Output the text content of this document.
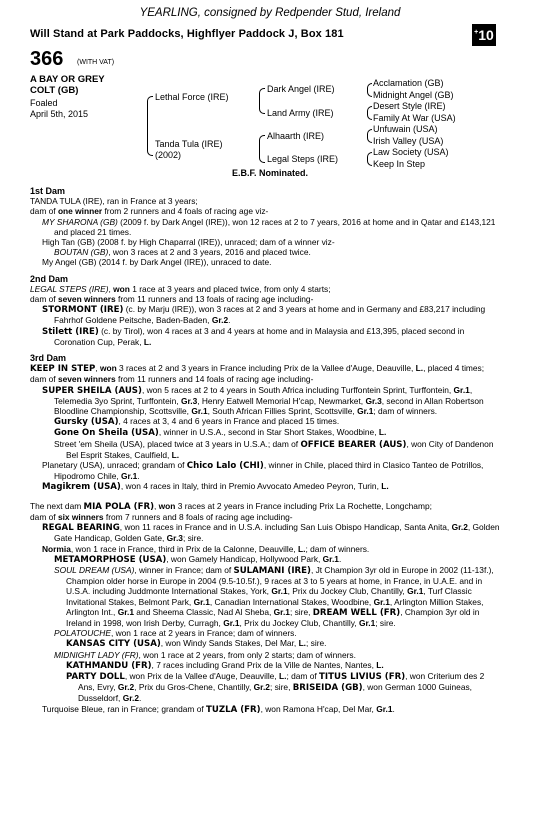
YEARLING, consigned by Redpender Stud, Ireland
Will Stand at Park Paddocks, Highflyer Paddock J, Box 181	+10
366 (WITH VAT)
A BAY OR GREY
COLT (GB)
Foaled
April 5th, 2015
Lethal Force (IRE)
Tanda Tula (IRE)
(2002)
Dark Angel (IRE)
Land Army (IRE)
Alhaarth (IRE)
Legal Steps (IRE)
Acclamation (GB)
Midnight Angel (GB)
Desert Style (IRE)
Family At War (USA)
Unfuwain (USA)
Irish Valley (USA)
Law Society (USA)
Keep In Step
E.B.F. Nominated.

1st Dam

TANDA TULA (IRE), ran in France at 3 years;

dam of one winner from 2 runners and 4 foals of racing age viz-

MY SHARONA (GB) (2009 f. by Dark Angel (IRE)), won 12 races at 2 to 7 years, 2016 at home and in Qatar and £143,121 and placed 21 times.

High Tan (GB) (2008 f. by High Chaparral (IRE)), unraced; dam of a winner viz-

BOUTAN (GB), won 3 races at 2 and 3 years, 2016 and placed twice.

My Angel (GB) (2014 f. by Dark Angel (IRE)), unraced to date.

2nd Dam

LEGAL STEPS (IRE), won 1 race at 3 years and placed twice, from only 4 starts;

dam of seven winners from 11 runners and 13 foals of racing age including-

STORMONT (IRE) (c. by Marju (IRE)), won 3 races at 2 and 3 years at home and in Germany and £83,217 including Fahrhof Goldene Peitsche, Baden-Baden, Gr.2.

Stilett (IRE) (c. by Tirol), won 4 races at 3 and 4 years at home and in Malaysia and £13,395, placed second in Coronation Cup, Perak, L.

3rd Dam

KEEP IN STEP, won 3 races at 2 and 3 years in France including Prix de la Vallee d'Auge, Deauville, L., placed 4 times;

dam of seven winners from 11 runners and 14 foals of racing age including-

SUPER SHEILA (AUS), won 5 races at 2 to 4 years in South Africa including Turffontein Sprint, Turffontein, Gr.1, Telemedia 3yo Sprint, Turffontein, Gr.3, Henry Eatwell Memorial H'cap, Newmarket, Gr.3, second in Allan Robertson Bloodline Championship, Scottsville, Gr.1, South African Fillies Sprint, Scottsville, Gr.1; dam of winners.

Gursky (USA), 4 races at 3, 4 and 6 years in France and placed 15 times.

Gone On Sheila (USA), winner in U.S.A., second in Star Short Stakes, Woodbine, L.

Street 'em Sheila (USA), placed twice at 3 years in U.S.A.; dam of OFFICE BEARER (AUS), won City of Dandenon Bel Esprit Stakes, Caulfield, L.

Planetary (USA), unraced; grandam of Chico Lalo (CHI), winner in Chile, placed third in Clasico Tanteo de Potrillos, Hipodromo Chile, Gr.1.

Magikrem (USA), won 4 races in Italy, third in Premio Avvocato Amedeo Peyron, Turin, L.

The next dam MIA POLA (FR), won 3 races at 2 years in France including Prix La Rochette, Longchamp;

dam of six winners from 7 runners and 8 foals of racing age including-

REGAL BEARING, won 11 races in France and in U.S.A. including San Luis Obispo Handicap, Santa Anita, Gr.2, Golden Gate Handicap, Golden Gate, Gr.3; sire.

Normia, won 1 race in France, third in Prix de la Calonne, Deauville, L.; dam of winners.

METAMORPHOSE (USA), won Gamely Handicap, Hollywood Park, Gr.1.

SOUL DREAM (USA), winner in France; dam of SULAMANI (IRE), Jt Champion 3yr old in Europe in 2002 (11-13f.), Champion older horse in Europe in 2004 (9.5-10.5f.), 9 races at 3 to 5 years at home, in France, in U.A.E. and in U.S.A. including Juddmonte International Stakes, York, Gr.1, Prix du Jockey Club, Chantilly, Gr.1, Turf Classic Invitational Stakes, Belmont Park, Gr.1, Canadian International Stakes, Woodbine, Gr.1, Arlington Million Stakes, Arlington Int., Gr.1 and Sheema Classic, Nad Al Sheba, Gr.1; sire, DREAM WELL (FR), Champion 3yr old in Ireland in 1998, won Irish Derby, Curragh, Gr.1, Prix du Jockey Club, Chantilly, Gr.1; sire.

POLATOUCHE, won 1 race at 2 years in France; dam of winners.

KANSAS CITY (USA), won Windy Sands Stakes, Del Mar, L.; sire.

MIDNIGHT LADY (FR), won 1 race at 2 years, from only 2 starts; dam of winners.

KATHMANDU (FR), 7 races including Grand Prix de la Ville de Nantes, Nantes, L.

PARTY DOLL, won Prix de la Vallee d'Auge, Deauville, L.; dam of TITUS LIVIUS (FR), won Criterium des 2 Ans, Evry, Gr.2, Prix du Gros-Chene, Chantilly, Gr.2; sire, BRISEIDA (GB), won German 1000 Guineas, Dusseldorf, Gr.2.

Turquoise Bleue, ran in France; grandam of TUZLA (FR), won Ramona H'cap, Del Mar, Gr.1.
